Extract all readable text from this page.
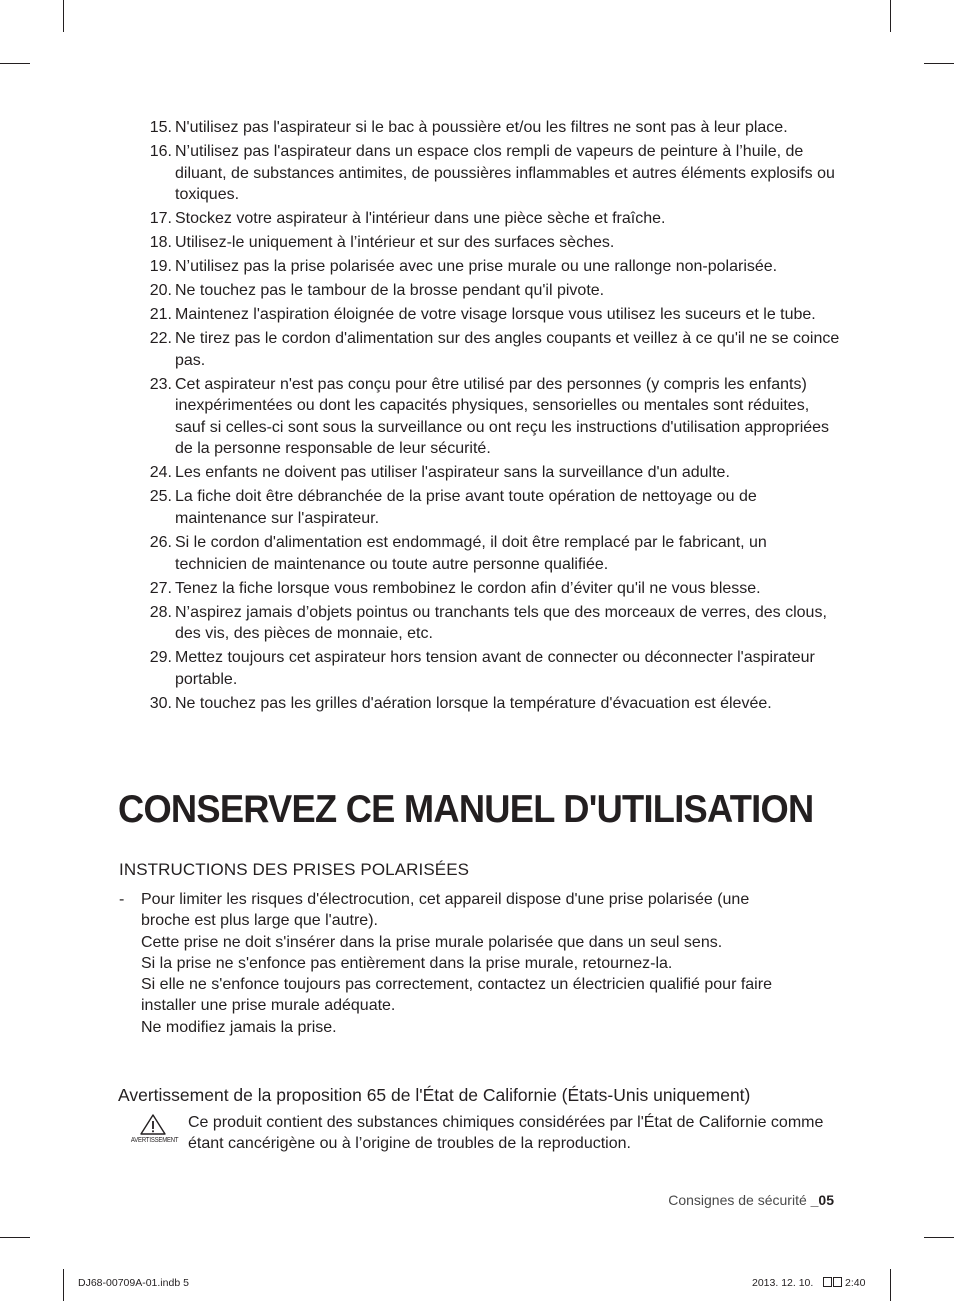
15. N'utilisez pas l'aspirateur si le bac à poussière et/ou les filtres ne sont pas à leur place.
16. N’utilisez pas l'aspirateur dans un espace clos rempli de vapeurs de peinture à l’huile, de diluant, de substances antimites, de poussières inflammables et autres éléments explosifs ou toxiques.
17. Stockez votre aspirateur à l'intérieur dans une pièce sèche et fraîche.
18. Utilisez-le uniquement à l’intérieur et sur des surfaces sèches.
19. N’utilisez pas la prise polarisée avec une prise murale ou une rallonge non-polarisée.
20. Ne touchez pas le tambour de la brosse pendant qu'il pivote.
21. Maintenez l'aspiration éloignée de votre visage lorsque vous utilisez les suceurs et le tube.
22. Ne tirez pas le cordon d'alimentation sur des angles coupants et veillez à ce qu'il ne se coince pas.
23. Cet aspirateur n'est pas conçu pour être utilisé par des personnes (y compris les enfants) inexpérimentées ou dont les capacités physiques, sensorielles ou mentales sont réduites, sauf si celles-ci sont sous la surveillance ou ont reçu les instructions d'utilisation appropriées de la personne responsable de leur sécurité.
24. Les enfants ne doivent pas utiliser l'aspirateur sans la surveillance d'un adulte.
25. La fiche doit être débranchée de la prise avant toute opération de nettoyage ou de maintenance sur l'aspirateur.
26. Si le cordon d'alimentation est endommagé, il doit être remplacé par le fabricant, un technicien de maintenance ou toute autre personne qualifiée.
27. Tenez la fiche lorsque vous rembobinez le cordon afin d’éviter qu'il ne vous blesse.
28. N’aspirez jamais d’objets pointus ou tranchants tels que des morceaux de verres, des clous, des vis, des pièces de monnaie, etc.
29. Mettez toujours cet aspirateur hors tension avant de connecter ou déconnecter l'aspirateur portable.
30. Ne touchez pas les grilles d'aération lorsque la température d'évacuation est élevée.
CONSERVEZ CE MANUEL D'UTILISATION
INSTRUCTIONS DES PRISES POLARISÉES
- Pour limiter les risques d'électrocution, cet appareil dispose d'une prise polarisée (une
broche est plus large que l'autre).
Cette prise ne doit s'insérer dans la prise murale polarisée que dans un seul sens.
Si la prise ne s'enfonce pas entièrement dans la prise murale, retournez-la.
Si elle ne s'enfonce toujours pas correctement, contactez un électricien qualifié pour faire
installer une prise murale adéquate.
Ne modifiez jamais la prise.
Avertissement de la proposition 65 de l'État de Californie (États-Unis uniquement)
AVERTISSEMENT
Ce produit contient des substances chimiques considérées par l'État de Californie comme étant cancérigène ou à l’origine de troubles de la reproduction.
Consignes de sécurité _05
DJ68-00709A-01.indb 5	2013. 12. 10.	2:40
